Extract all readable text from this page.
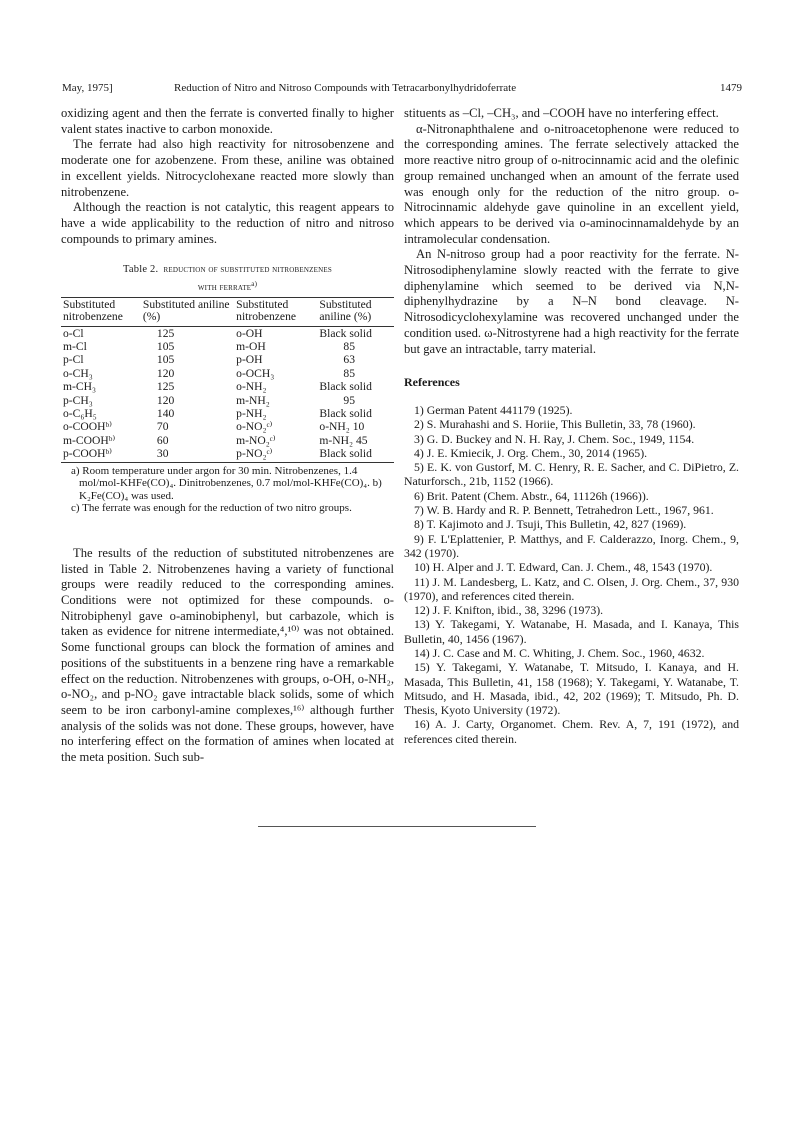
May, 1975]	Reduction of Nitro and Nitroso Compounds with Tetracarbonylhydridoferrate	1479

oxidizing agent and then the ferrate is converted finally to higher valent states inactive to carbon monoxide.

The ferrate had also high reactivity for nitrosobenzene and moderate one for azobenzene. From these, aniline was obtained in excellent yields. Nitrocyclohexane reacted more slowly than nitrobenzene.

Although the reaction is not catalytic, this reagent appears to have a wide applicability to the reduction of nitro and nitroso compounds to primary amines.

Table 2. reduction of substituted nitrobenzenes
with ferrate$^{a)}$
Substituted nitrobenzene	Substituted aniline (%)	Substituted nitrobenzene	Substituted aniline (%)
o-Cl	125	o-OH	Black solid
m-Cl	105	m-OH	85
p-Cl	105	p-OH	63
o-CH₃	120	o-OCH₃	85
m-CH₃	125	o-NH₂	Black solid
p-CH₃	120	m-NH₂	95
o-C₆H₅	140	p-NH₂	Black solid
o-COOHᵇ⁾	70	o-NO₂ᶜ⁾	o-NH₂ 10
m-COOHᵇ⁾	60	m-NO₂ᶜ⁾	m-NH₂ 45
p-COOHᵇ⁾	30	p-NO₂ᶜ⁾	Black solid
a) Room temperature under argon for 30 min. Nitrobenzenes, 1.4 mol/mol-KHFe(CO)₄. Dinitrobenzenes, 0.7 mol/mol-KHFe(CO)₄. b) K₂Fe(CO)₄ was used.
c) The ferrate was enough for the reduction of two nitro groups.

The results of the reduction of substituted nitrobenzenes are listed in Table 2. Nitrobenzenes having a variety of functional groups were readily reduced to the corresponding amines. Conditions were not optimized for these compounds. o-Nitrobiphenyl gave o-aminobiphenyl, but carbazole, which is taken as evidence for nitrene intermediate,⁴,¹⁰⁾ was not obtained. Some functional groups can block the formation of amines and positions of the substituents in a benzene ring have a remarkable effect on the reduction. Nitrobenzenes with groups, o-OH, o-NH₂, o-NO₂, and p-NO₂ gave intractable black solids, some of which seem to be iron carbonyl-amine complexes,¹⁶⁾ although further analysis of the solids was not done. These groups, however, have no interfering effect on the formation of amines when located at the meta position. Such sub-

stituents as –Cl, –CH₃, and –COOH have no interfering effect.

α-Nitronaphthalene and o-nitroacetophenone were reduced to the corresponding amines. The ferrate selectively attacked the more reactive nitro group of o-nitrocinnamic acid and the olefinic group remained unchanged when an amount of the ferrate used was enough only for the reduction of the nitro group. o-Nitrocinnamic aldehyde gave quinoline in an excellent yield, which appears to be derived via o-aminocinnamaldehyde by an intramolecular condensation.

An N-nitroso group had a poor reactivity for the ferrate. N-Nitrosodiphenylamine slowly reacted with the ferrate to give diphenylamine which seemed to be derived via N,N-diphenylhydrazine by a N–N bond cleavage. N-Nitrosodicyclohexylamine was recovered unchanged under the condition used. ω-Nitrostyrene had a high reactivity for the ferrate but gave an intractable, tarry material.

References
1) German Patent 441179 (1925).
2) S. Murahashi and S. Horiie, This Bulletin, 33, 78 (1960).
3) G. D. Buckey and N. H. Ray, J. Chem. Soc., 1949, 1154.
4) J. E. Kmiecik, J. Org. Chem., 30, 2014 (1965).
5) E. K. von Gustorf, M. C. Henry, R. E. Sacher, and C. DiPietro, Z. Naturforsch., 21b, 1152 (1966).
6) Brit. Patent (Chem. Abstr., 64, 11126h (1966)).
7) W. B. Hardy and R. P. Bennett, Tetrahedron Lett., 1967, 961.
8) T. Kajimoto and J. Tsuji, This Bulletin, 42, 827 (1969).
9) F. L'Eplattenier, P. Matthys, and F. Calderazzo, Inorg. Chem., 9, 342 (1970).
10) H. Alper and J. T. Edward, Can. J. Chem., 48, 1543 (1970).
11) J. M. Landesberg, L. Katz, and C. Olsen, J. Org. Chem., 37, 930 (1970), and references cited therein.
12) J. F. Knifton, ibid., 38, 3296 (1973).
13) Y. Takegami, Y. Watanabe, H. Masada, and I. Kanaya, This Bulletin, 40, 1456 (1967).
14) J. C. Case and M. C. Whiting, J. Chem. Soc., 1960, 4632.
15) Y. Takegami, Y. Watanabe, T. Mitsudo, I. Kanaya, and H. Masada, This Bulletin, 41, 158 (1968); Y. Takegami, Y. Watanabe, T. Mitsudo, and H. Masada, ibid., 42, 202 (1969); T. Mitsudo, Ph. D. Thesis, Kyoto University (1972).
16) A. J. Carty, Organomet. Chem. Rev. A, 7, 191 (1972), and references cited therein.
